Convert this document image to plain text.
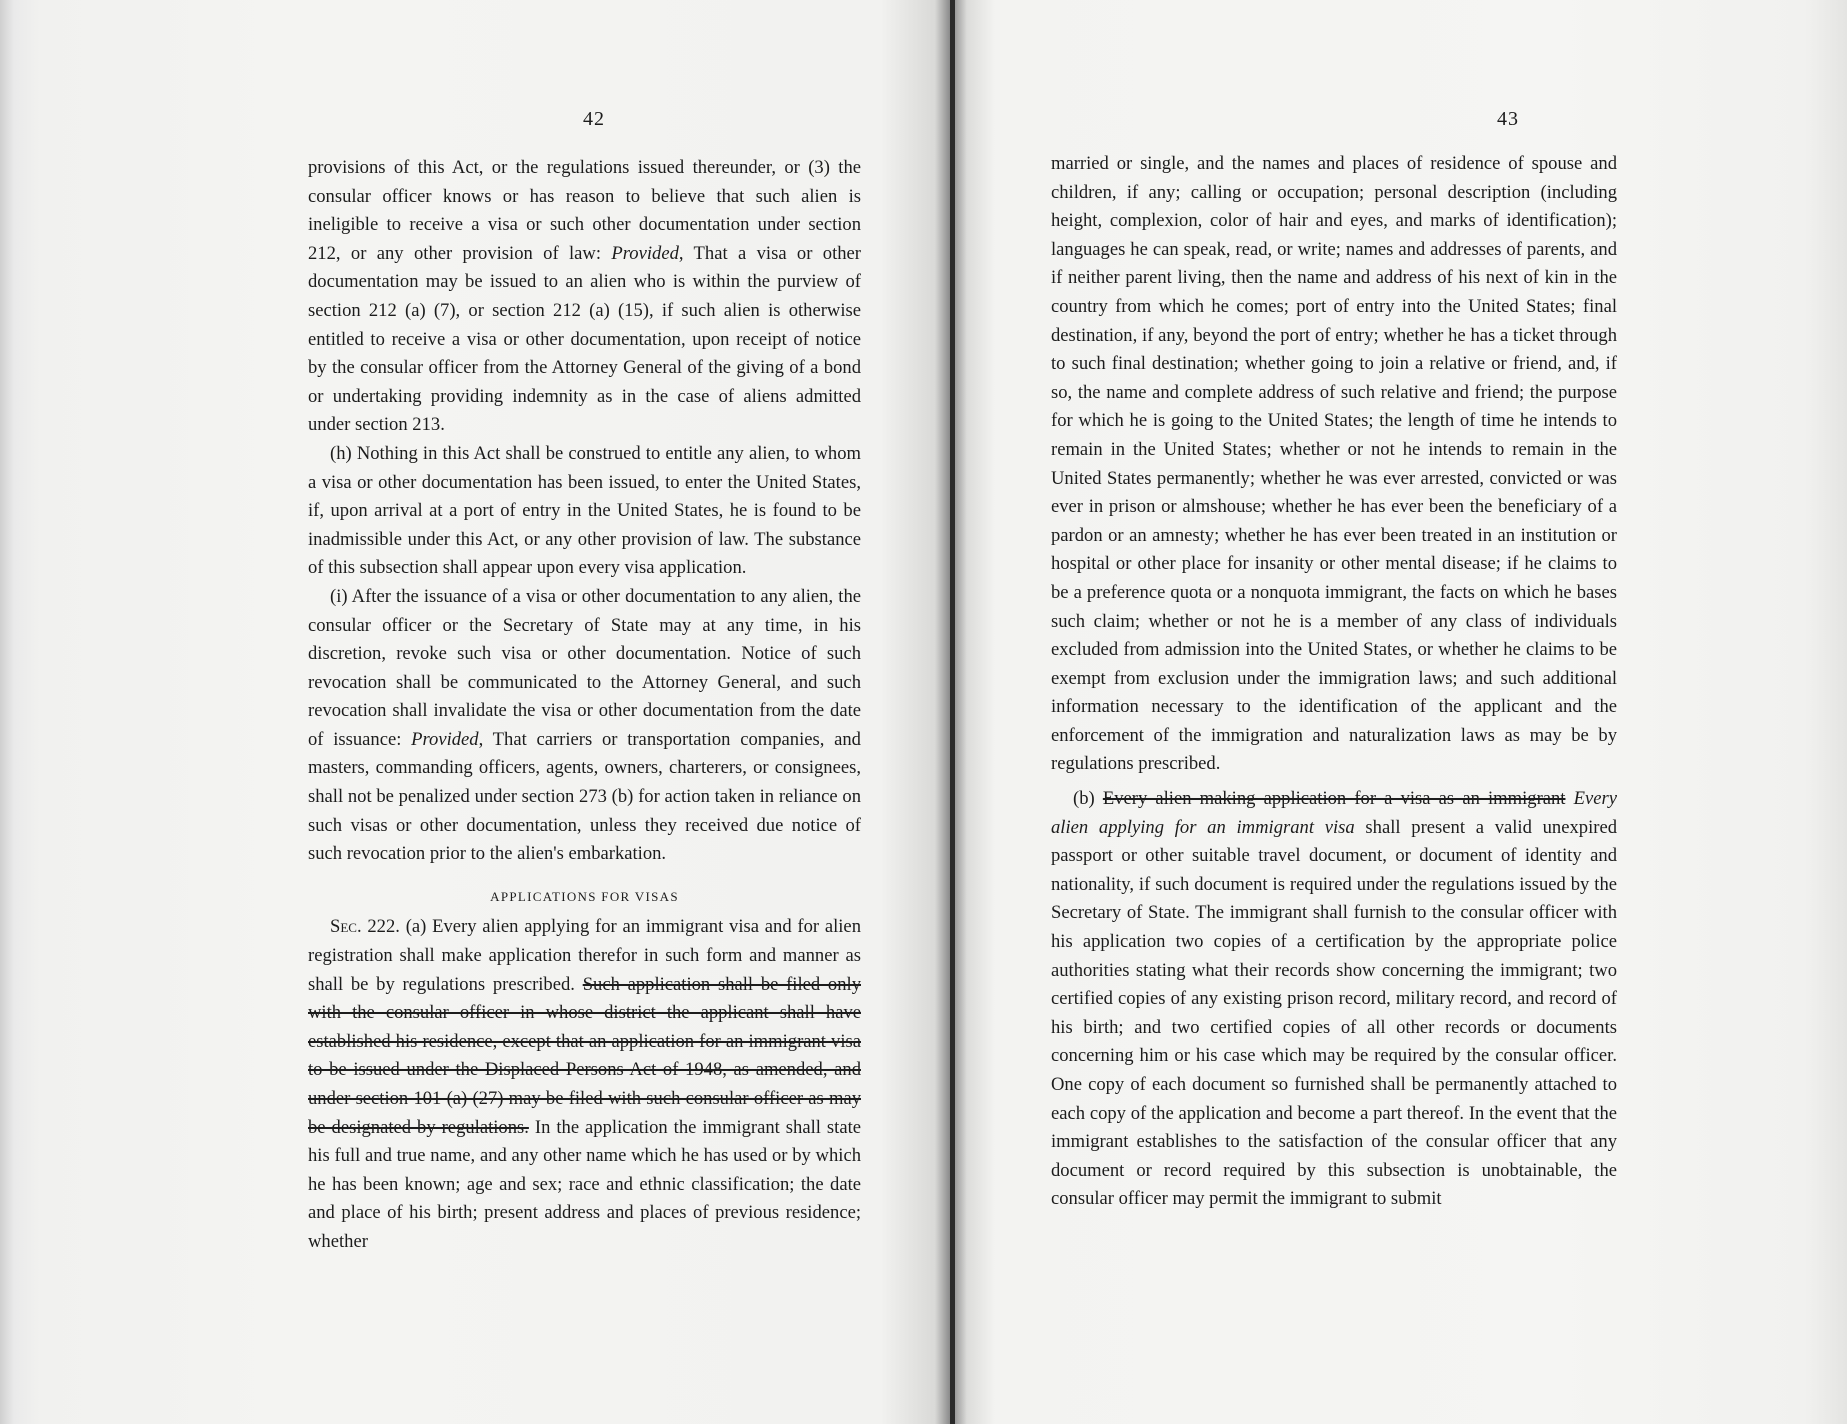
42

provisions of this Act, or the regulations issued thereunder, or (3) the consular officer knows or has reason to believe that such alien is ineligible to receive a visa or such other documentation under section 212, or any other provision of law: Provided, That a visa or other documentation may be issued to an alien who is within the purview of section 212 (a) (7), or section 212 (a) (15), if such alien is otherwise entitled to receive a visa or other documentation, upon receipt of notice by the consular officer from the Attorney General of the giving of a bond or undertaking providing indemnity as in the case of aliens admitted under section 213.

(h) Nothing in this Act shall be construed to entitle any alien, to whom a visa or other documentation has been issued, to enter the United States, if, upon arrival at a port of entry in the United States, he is found to be inadmissible under this Act, or any other provision of law. The substance of this subsection shall appear upon every visa application.

(i) After the issuance of a visa or other documentation to any alien, the consular officer or the Secretary of State may at any time, in his discretion, revoke such visa or other documentation. Notice of such revocation shall be communicated to the Attorney General, and such revocation shall invalidate the visa or other documentation from the date of issuance: Provided, That carriers or transportation companies, and masters, commanding officers, agents, owners, charterers, or consignees, shall not be penalized under section 273 (b) for action taken in reliance on such visas or other documentation, unless they received due notice of such revocation prior to the alien's embarkation.

APPLICATIONS FOR VISAS

Sec. 222. (a) Every alien applying for an immigrant visa and for alien registration shall make application therefor in such form and manner as shall be by regulations prescribed. Such application shall be filed only with the consular officer in whose district the applicant shall have established his residence, except that an application for an immigrant visa to be issued under the Displaced Persons Act of 1948, as amended, and under section 101 (a) (27) may be filed with such consular officer as may be designated by regulations. In the application the immigrant shall state his full and true name, and any other name which he has used or by which he has been known; age and sex; race and ethnic classification; the date and place of his birth; present address and places of previous residence; whether

43

married or single, and the names and places of residence of spouse and children, if any; calling or occupation; personal description (including height, complexion, color of hair and eyes, and marks of identification); languages he can speak, read, or write; names and addresses of parents, and if neither parent living, then the name and address of his next of kin in the country from which he comes; port of entry into the United States; final destination, if any, beyond the port of entry; whether he has a ticket through to such final destination; whether going to join a relative or friend, and, if so, the name and complete address of such relative and friend; the purpose for which he is going to the United States; the length of time he intends to remain in the United States; whether or not he intends to remain in the United States permanently; whether he was ever arrested, convicted or was ever in prison or almshouse; whether he has ever been the beneficiary of a pardon or an amnesty; whether he has ever been treated in an institution or hospital or other place for insanity or other mental disease; if he claims to be a preference quota or a nonquota immigrant, the facts on which he bases such claim; whether or not he is a member of any class of individuals excluded from admission into the United States, or whether he claims to be exempt from exclusion under the immigration laws; and such additional information necessary to the identification of the applicant and the enforcement of the immigration and naturalization laws as may be by regulations prescribed.

(b) Every alien making application for a visa as an immigrant Every alien applying for an immigrant visa shall present a valid unexpired passport or other suitable travel document, or document of identity and nationality, if such document is required under the regulations issued by the Secretary of State. The immigrant shall furnish to the consular officer with his application two copies of a certification by the appropriate police authorities stating what their records show concerning the immigrant; two certified copies of any existing prison record, military record, and record of his birth; and two certified copies of all other records or documents concerning him or his case which may be required by the consular officer. One copy of each document so furnished shall be permanently attached to each copy of the application and become a part thereof. In the event that the immigrant establishes to the satisfaction of the consular officer that any document or record required by this subsection is unobtainable, the consular officer may permit the immigrant to submit
